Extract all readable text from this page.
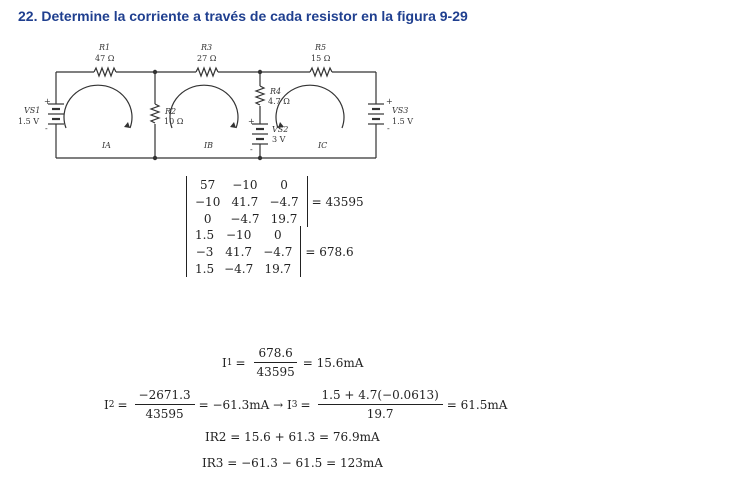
22. Determine la corriente a través de cada resistor en la figura 9-29
+
-
+
-
+
-
R1
47 Ω
R3
27 Ω
R5
15 Ω
R2
10 Ω
R4
4.7 Ω
VS1
1.5 V
VS3
1.5 V
VS2
3 V
IA	IB	IC
57	−10	0
−10	41.7	−4.7
0	−4.7	19.7
= 43595
1.5	−10	0
−3	41.7	−4.7
1.5	−4.7	19.7
= 678.6
I $1 = \frac{678.6}{43595} = 15.6mA$
I $2 = \frac{-2671.3}{43595} = -61.3mA \to I$ $3 = \frac{1.5 + 4.7(-0.0613)}{19.7} = 61.5mA$
IR2 = 15.6 + 61.3 = 76.9mA
IR3 = −61.3 − 61.5 = 123mA
